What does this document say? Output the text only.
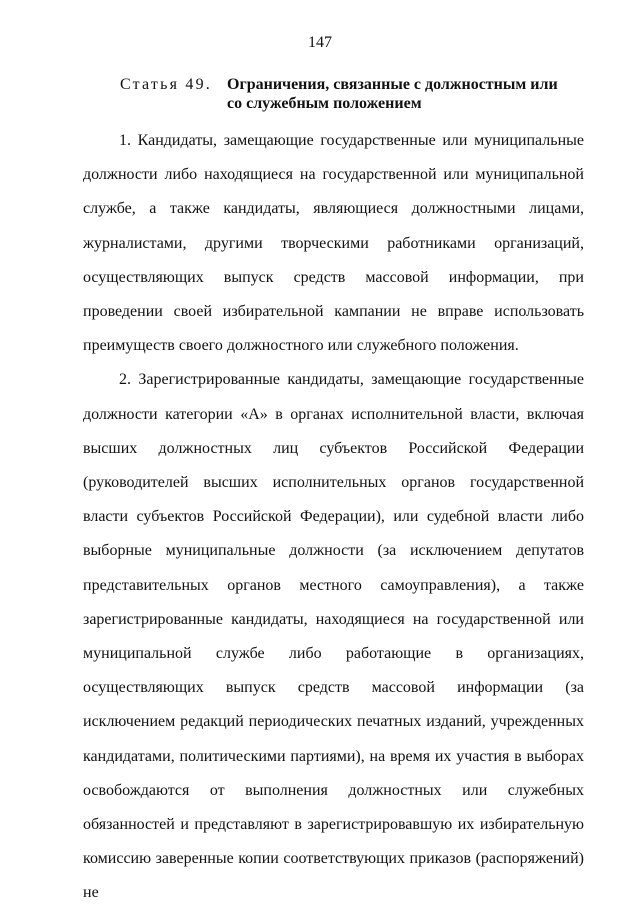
147
Статья 49. Ограничения, связанные с должностным или со служебным положением

1. Кандидаты, замещающие государственные или муниципальные должности либо находящиеся на государственной или муниципальной службе, а также кандидаты, являющиеся должностными лицами, журналистами, другими творческими работниками организаций, осуществляющих выпуск средств массовой информации, при проведении своей избирательной кампании не вправе использовать преимуществ своего должностного или служебного положения.

2. Зарегистрированные кандидаты, замещающие государственные должности категории «А» в органах исполнительной власти, включая высших должностных лиц субъектов Российской Федерации (руководителей высших исполнительных органов государственной власти субъектов Российской Федерации), или судебной власти либо выборные муниципальные должности (за исключением депутатов представительных органов местного самоуправления), а также зарегистрированные кандидаты, находящиеся на государственной или муниципальной службе либо работающие в организациях, осуществляющих выпуск средств массовой информации (за исключением редакций периодических печатных изданий, учрежденных кандидатами, политическими партиями), на время их участия в выборах освобождаются от выполнения должностных или служебных обязанностей и представляют в зарегистрировавшую их избирательную комиссию заверенные копии соответствующих приказов (распоряжений) не
